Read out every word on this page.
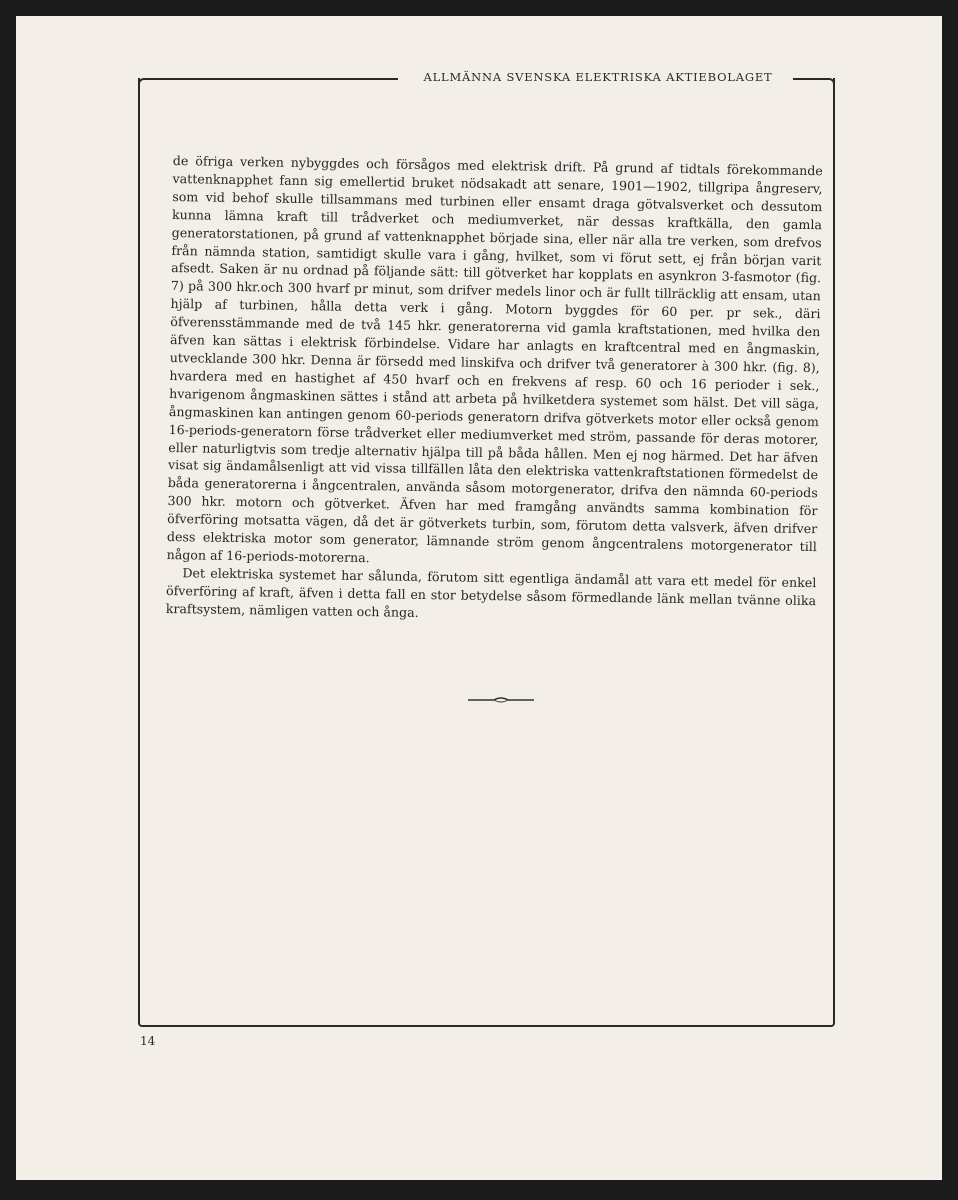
ALLMÄNNA SVENSKA ELEKTRISKA AKTIEBOLAGET

de öfriga verken nybyggdes och försågos med elektrisk drift. På grund af tidtals förekommande vattenknapphet fann sig emellertid bruket nödsakadt att senare, 1901—1902, tillgripa ångreserv, som vid behof skulle tillsammans med turbinen eller ensamt draga götvalsverket och dessutom kunna lämna kraft till trådverket och mediumverket, när dessas kraftkälla, den gamla generatorstationen, på grund af vattenknapphet började sina, eller när alla tre verken, som drefvos från nämnda station, samtidigt skulle vara i gång, hvilket, som vi förut sett, ej från början varit afsedt. Saken är nu ordnad på följande sätt: till götverket har kopplats en asynkron 3-fasmotor (fig. 7) på 300 hkr.och 300 hvarf pr minut, som drifver medels linor och är fullt tillräcklig att ensam, utan hjälp af turbinen, hålla detta verk i gång. Motorn byggdes för 60 per. pr sek., däri öfverensstämmande med de två 145 hkr. generatorerna vid gamla kraftstationen, med hvilka den äfven kan sättas i elektrisk förbindelse. Vidare har anlagts en kraftcentral med en ångmaskin, utvecklande 300 hkr. Denna är försedd med linskifva och drifver två generatorer à 300 hkr. (fig. 8), hvardera med en hastighet af 450 hvarf och en frekvens af resp. 60 och 16 perioder i sek., hvarigenom ångmaskinen sättes i stånd att arbeta på hvilketdera systemet som hälst. Det vill säga, ångmaskinen kan antingen genom 60-periods generatorn drifva götverkets motor eller också genom 16-periods-generatorn förse trådverket eller mediumverket med ström, passande för deras motorer, eller naturligtvis som tredje alternativ hjälpa till på båda hållen. Men ej nog härmed. Det har äfven visat sig ändamålsenligt att vid vissa tillfällen låta den elektriska vattenkraftstationen förmedelst de båda generatorerna i ångcentralen, använda såsom motorgenerator, drifva den nämnda 60-periods 300 hkr. motorn och götverket. Äfven har med framgång användts samma kombination för öfverföring motsatta vägen, då det är götverkets turbin, som, förutom detta valsverk, äfven drifver dess elektriska motor som generator, lämnande ström genom ångcentralens motorgenerator till någon af 16-periods-motorerna.

Det elektriska systemet har sålunda, förutom sitt egentliga ändamål att vara ett medel för enkel öfverföring af kraft, äfven i detta fall en stor betydelse såsom förmedlande länk mellan tvänne olika kraftsystem, nämligen vatten och ånga.

14
